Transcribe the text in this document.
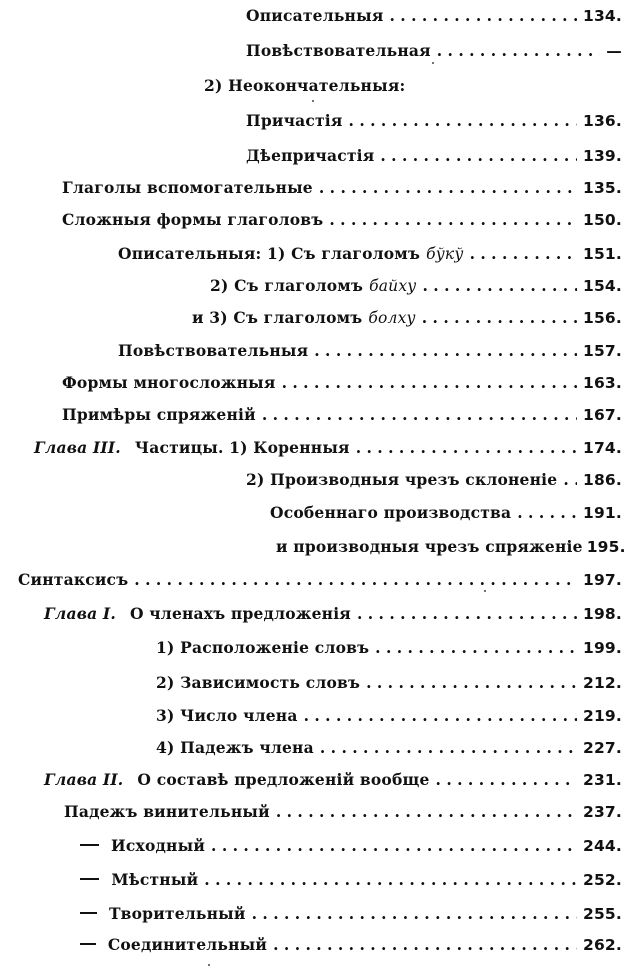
Описательныя . . .	134.
Повѣствовательная . . .	—
2) Неокончательныя:
Причастія . . .	136.
Дѣепричастія . . .	139.
Глаголы вспомогательные . . .	135.
Сложныя формы глаголовъ . . .	150.
Описательныя: 1) Съ глаголомъ бўкў . . .	151.
2) Съ глаголомъ байху . . .	154.
и 3) Съ глаголомъ болху . . .	156.
Повѣствовательныя . . .	157.
Формы многосложныя . . .	163.
Примѣры спряженій . . .	167.
Глава III. Частицы. 1) Коренныя . . .	174.
2) Производныя чрезъ склоненіе . . . 186.
Особеннаго производства . . .	191.
и производныя чрезъ спряженіе 195.
Синтаксисъ . . .	197.
Глава I. О членахъ предложенія . . .	198.
1) Расположеніе словъ . . .	199.
2) Зависимость словъ . . .	212.
3) Число члена . . .	219.
4) Падежъ члена . . .	227.
Глава II. О составѣ предложеній вообще . . .	231.
Падежъ винительный . . .	237.
Исходный . . .	244.
Мѣстный . . .	252.
Творительный . . .	255.
Соединительный . . .	262.
